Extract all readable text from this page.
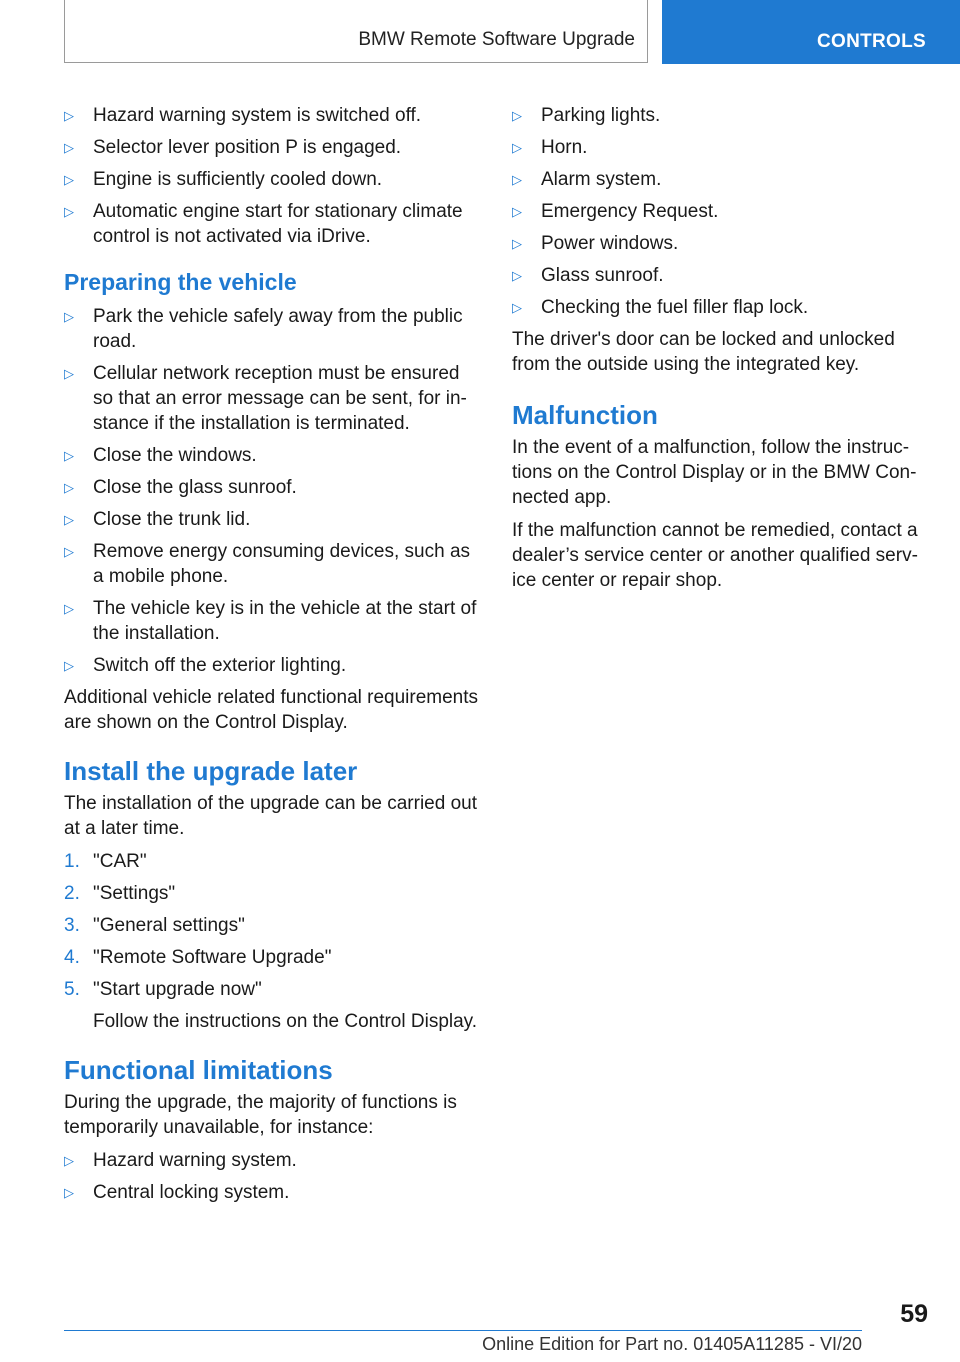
BMW Remote Software Upgrade	CONTROLS
▷ Hazard warning system is switched off.
▷ Selector lever position P is engaged.
▷ Engine is sufficiently cooled down.
▷ Automatic engine start for stationary climate control is not activated via iDrive.
Preparing the vehicle
▷ Park the vehicle safely away from the public road.
▷ Cellular network reception must be ensured so that an error message can be sent, for instance if the installation is terminated.
▷ Close the windows.
▷ Close the glass sunroof.
▷ Close the trunk lid.
▷ Remove energy consuming devices, such as a mobile phone.
▷ The vehicle key is in the vehicle at the start of the installation.
▷ Switch off the exterior lighting.

Additional vehicle related functional requirements are shown on the Control Display.

Install the upgrade later

The installation of the upgrade can be carried out at a later time.

1. "CAR"
2. "Settings"
3. "General settings"
4. "Remote Software Upgrade"
5. "Start upgrade now"
Follow the instructions on the Control Display.
Functional limitations

During the upgrade, the majority of functions is temporarily unavailable, for instance:

▷ Hazard warning system.
▷ Central locking system.
▷ Parking lights.
▷ Horn.
▷ Alarm system.
▷ Emergency Request.
▷ Power windows.
▷ Glass sunroof.
▷ Checking the fuel filler flap lock.

The driver's door can be locked and unlocked from the outside using the integrated key.

Malfunction

In the event of a malfunction, follow the instructions on the Control Display or in the BMW Connected app.

If the malfunction cannot be remedied, contact a dealer’s service center or another qualified service center or repair shop.

59
Online Edition for Part no. 01405A11285 - VI/20
